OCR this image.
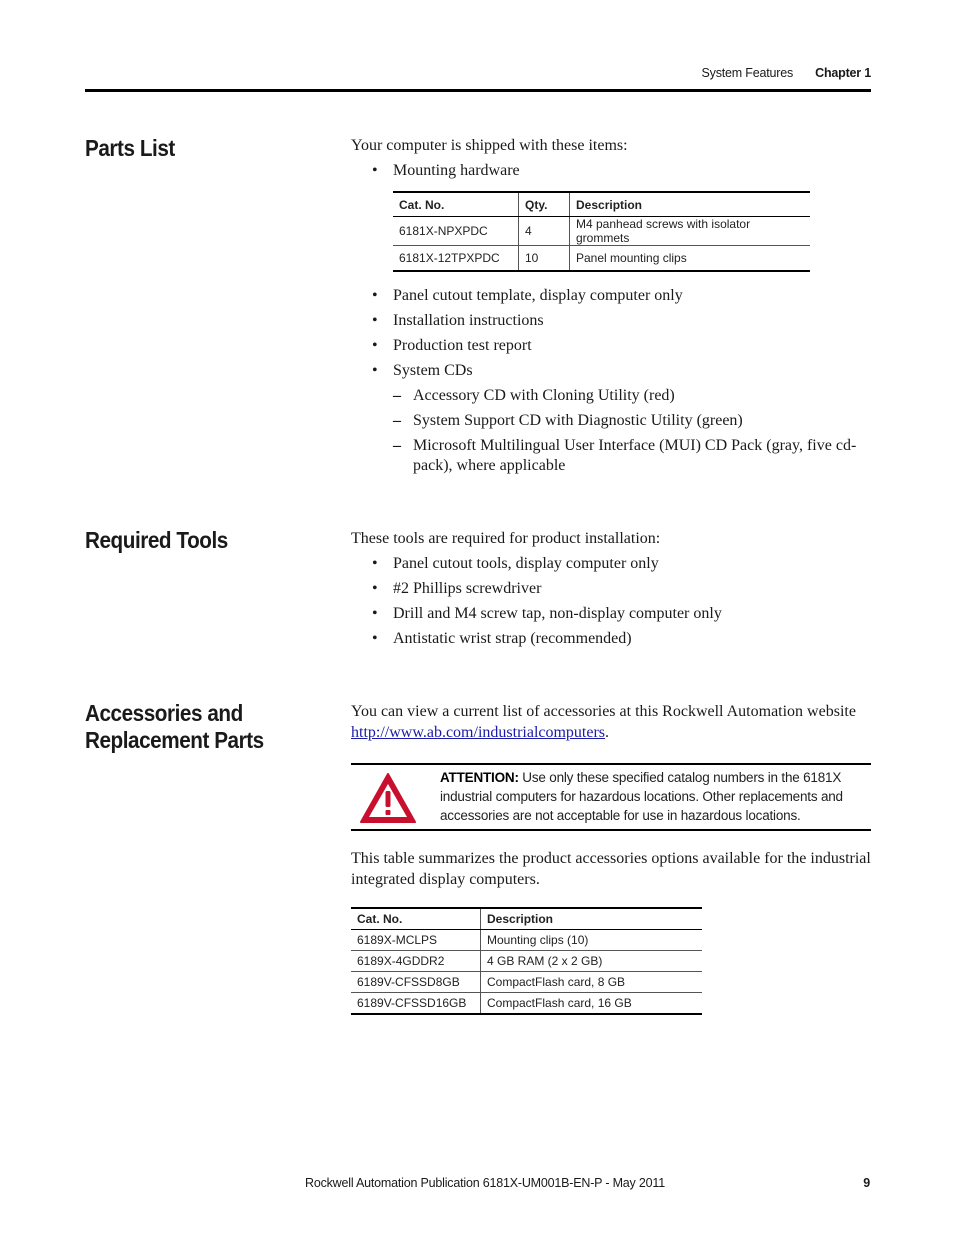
System Features Chapter 1
Parts List	Your computer is shipped with these items:

• Mounting hardware
Cat. No.	Qty.	Description
6181X-NPXPDC	4	M4 panhead screws with isolator grommets
6181X-12TPXPDC	10	Panel mounting clips
• Panel cutout template, display computer only
• Installation instructions
• Production test report
• System CDs
– Accessory CD with Cloning Utility (red)
– System Support CD with Diagnostic Utility (green)
– Microsoft Multilingual User Interface (MUI) CD Pack (gray, five cd-pack), where applicable
Required Tools	These tools are required for product installation:

• Panel cutout tools, display computer only
• #2 Phillips screwdriver
• Drill and M4 screw tap, non-display computer only
• Antistatic wrist strap (recommended)
Accessories and
Replacement Parts

You can view a current list of accessories at this Rockwell Automation website http://www.ab.com/industrialcomputers.

ATTENTION: Use only these specified catalog numbers in the 6181X industrial computers for hazardous locations. Other replacements and accessories are not acceptable for use in hazardous locations.

This table summarizes the product accessories options available for the industrial integrated display computers.

Cat. No.	Description
6189X-MCLPS	Mounting clips (10)
6189X-4GDDR2	4 GB RAM (2 x 2 GB)
6189V-CFSSD8GB	CompactFlash card, 8 GB
6189V-CFSSD16GB	CompactFlash card, 16 GB
Rockwell Automation Publication 6181X-UM001B-EN-P - May 2011	9
